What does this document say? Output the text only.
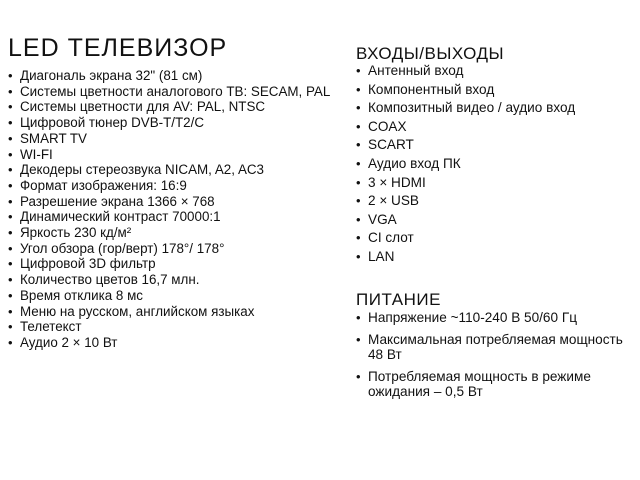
LED ТЕЛЕВИЗОР
• Диагональ экрана 32" (81 см)
• Системы цветности аналогового ТВ: SECAM, PAL
• Системы цветности для AV: PAL, NTSC
• Цифровой тюнер DVB-T/T2/C
• SMART TV
• WI-FI
• Декодеры стереозвука NICAM, A2, AC3
• Формат изображения: 16:9
• Разрешение экрана 1366 × 768
• Динамический контраст 70000:1
• Яркость 230 кд/м²
• Угол обзора (гор/верт) 178°/ 178°
• Цифровой 3D фильтр
• Количество цветов 16,7 млн.
• Время отклика 8 мс
• Меню на русском, английском языках
• Телетекст
• Аудио 2 × 10 Вт
ВХОДЫ/ВЫХОДЫ
• Антенный вход
• Компонентный вход
• Композитный видео / аудио вход
• COAX
• SCART
• Аудио вход ПК
• 3 × HDMI
• 2 × USB
• VGA
• CI слот
• LAN
ПИТАНИЕ
• Напряжение ~110-240 В 50/60 Гц
• Максимальная потребляемая мощность 48 Вт
• Потребляемая мощность в режиме ожидания – 0,5 Вт
